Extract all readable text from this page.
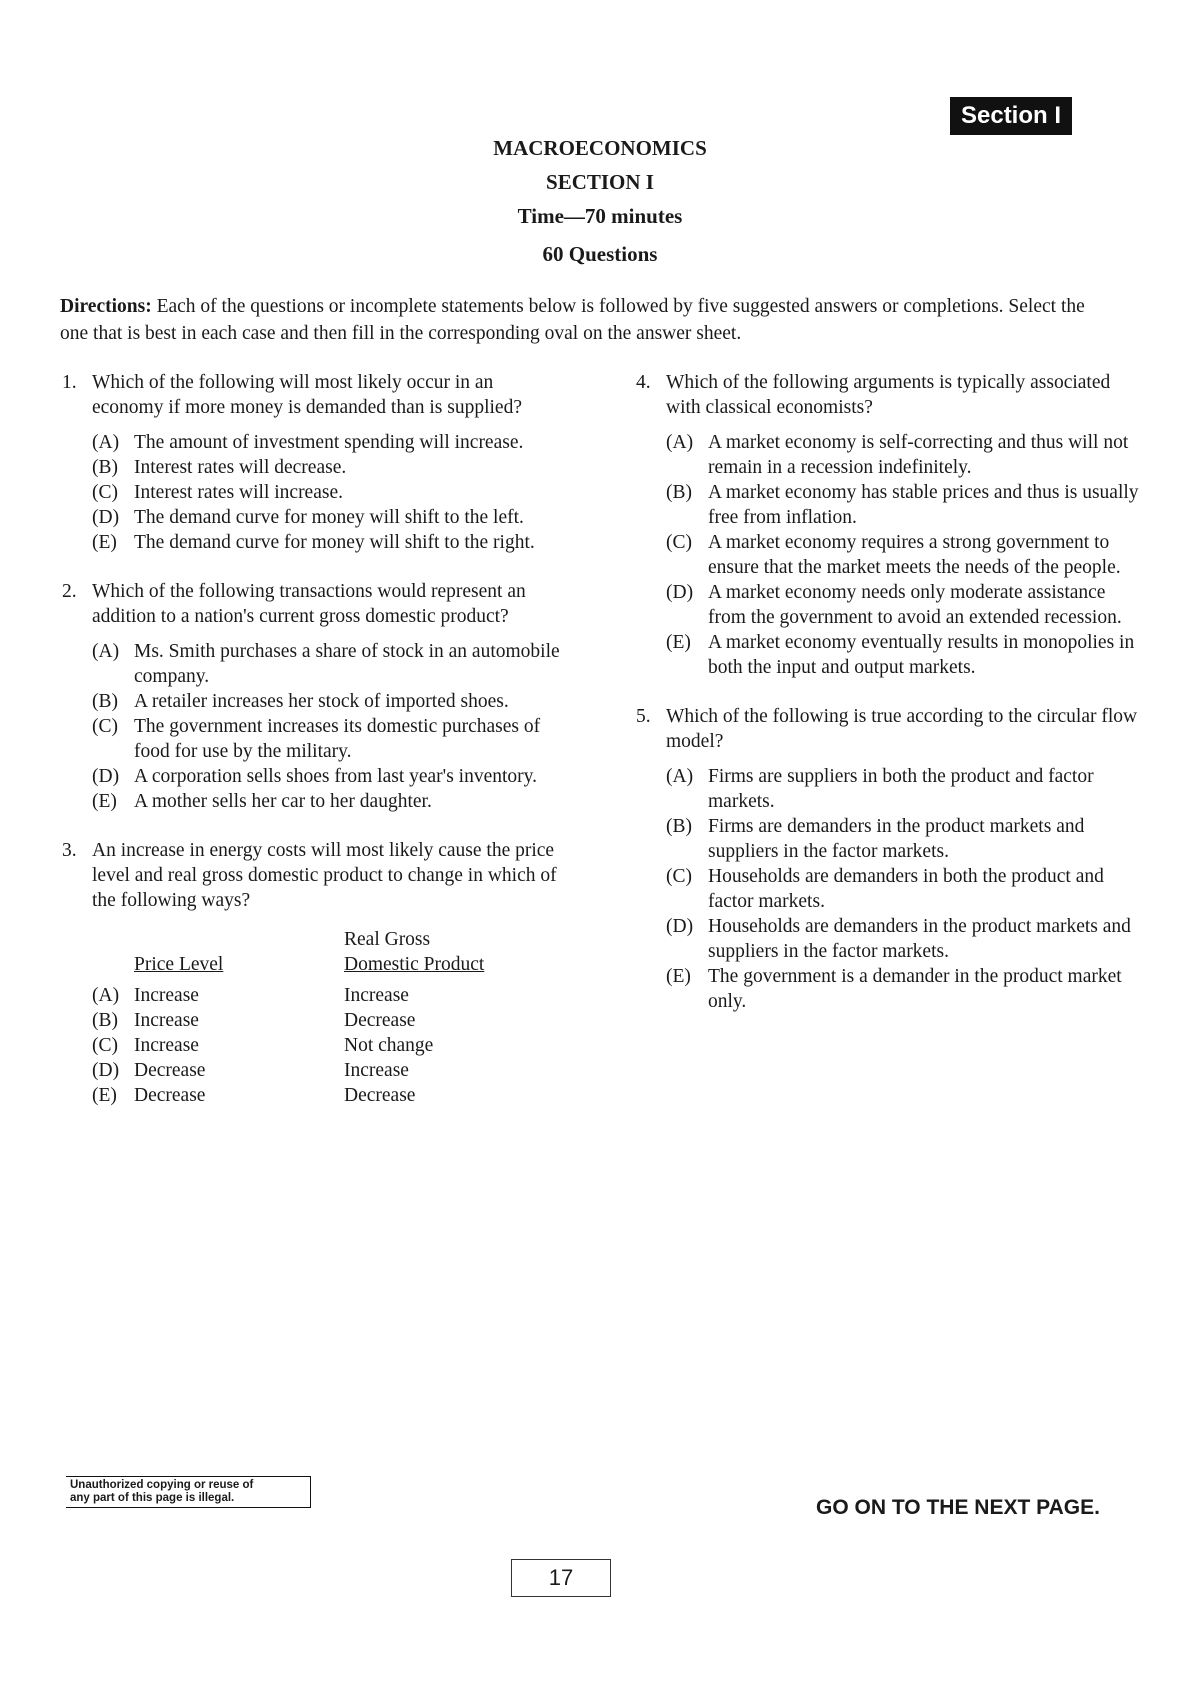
Section I
MACROECONOMICS
SECTION I
Time—70 minutes
60 Questions
Directions: Each of the questions or incomplete statements below is followed by five suggested answers or completions. Select the one that is best in each case and then fill in the corresponding oval on the answer sheet.
1. Which of the following will most likely occur in an economy if more money is demanded than is supplied?
(A) The amount of investment spending will increase.
(B) Interest rates will decrease.
(C) Interest rates will increase.
(D) The demand curve for money will shift to the left.
(E) The demand curve for money will shift to the right.
2. Which of the following transactions would represent an addition to a nation's current gross domestic product?
(A) Ms. Smith purchases a share of stock in an automobile company.
(B) A retailer increases her stock of imported shoes.
(C) The government increases its domestic purchases of food for use by the military.
(D) A corporation sells shoes from last year's inventory.
(E) A mother sells her car to her daughter.
3. An increase in energy costs will most likely cause the price level and real gross domestic product to change in which of the following ways?
Price Level
Real Gross
Domestic Product
(A) Increase	Increase
(B) Increase	Decrease
(C) Increase	Not change
(D) Decrease	Increase
(E) Decrease	Decrease
4. Which of the following arguments is typically associated with classical economists?
(A) A market economy is self-correcting and thus will not remain in a recession indefinitely.
(B) A market economy has stable prices and thus is usually free from inflation.
(C) A market economy requires a strong government to ensure that the market meets the needs of the people.
(D) A market economy needs only moderate assistance from the government to avoid an extended recession.
(E) A market economy eventually results in monopolies in both the input and output markets.
5. Which of the following is true according to the circular flow model?
(A) Firms are suppliers in both the product and factor markets.
(B) Firms are demanders in the product markets and suppliers in the factor markets.
(C) Households are demanders in both the product and factor markets.
(D) Households are demanders in the product markets and suppliers in the factor markets.
(E) The government is a demander in the product market only.
Unauthorized copying or reuse of
any part of this page is illegal.	GO ON TO THE NEXT PAGE.
17
